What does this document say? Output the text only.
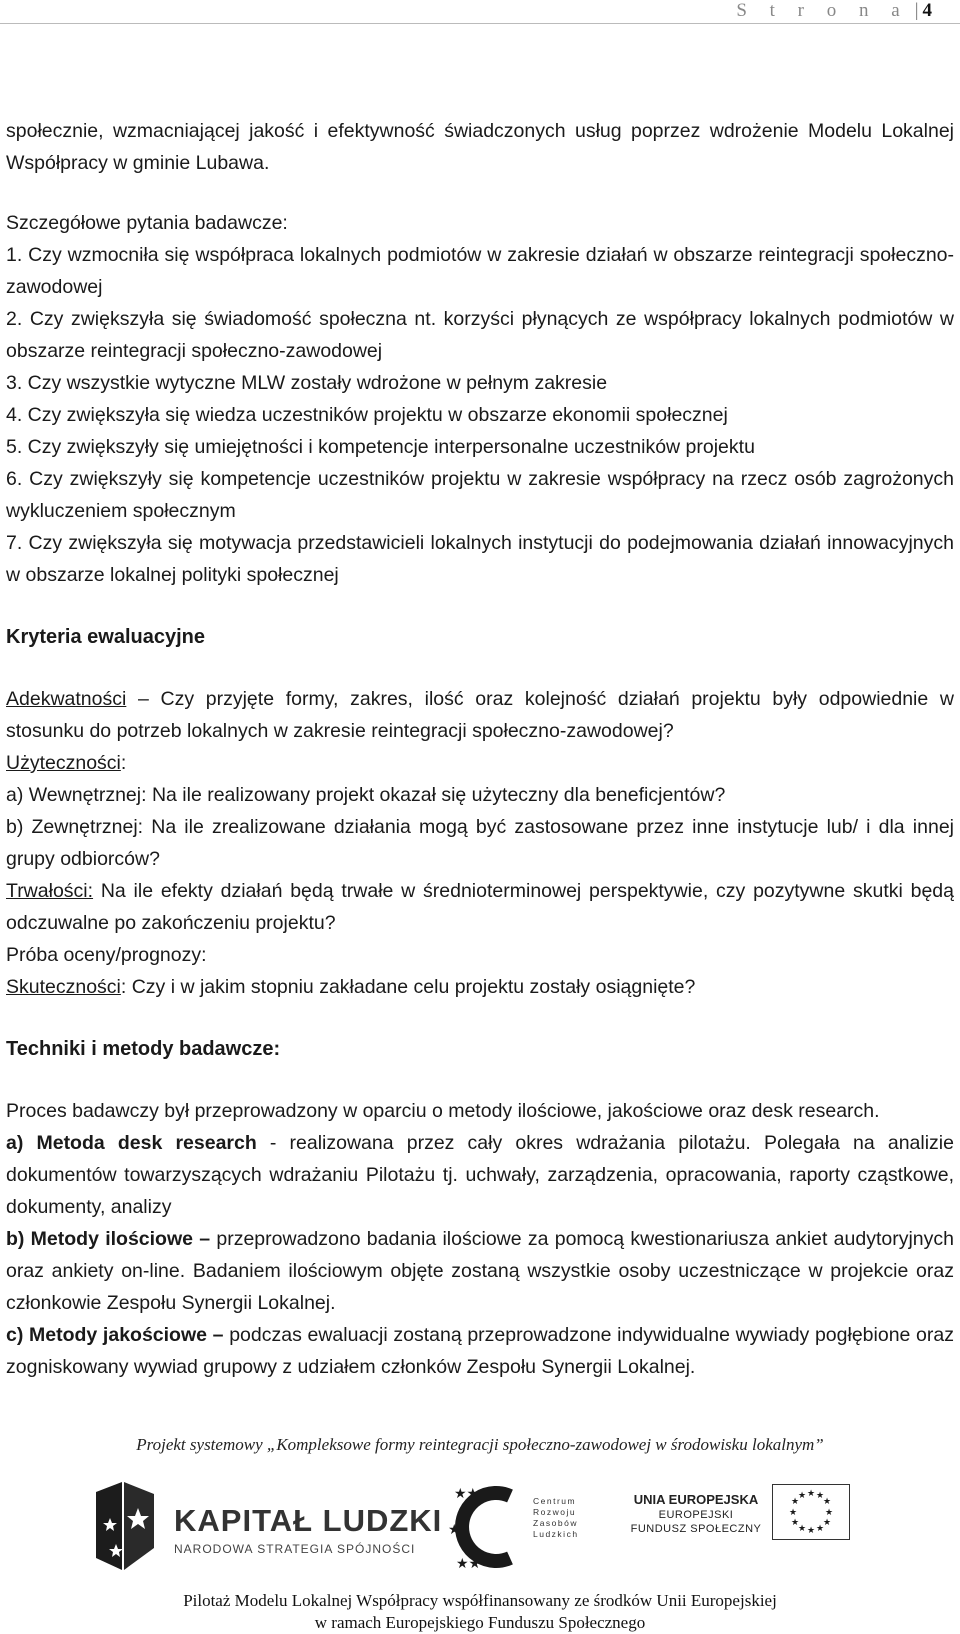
S t r o n a | 4

społecznie, wzmacniającej jakość i efektywność świadczonych usług poprzez wdrożenie Modelu Lokalnej Współpracy w gminie Lubawa.

Szczegółowe pytania badawcze:

1. Czy wzmocniła się współpraca lokalnych podmiotów w zakresie działań w obszarze reintegracji społeczno-zawodowej

2. Czy zwiększyła się świadomość społeczna nt. korzyści płynących ze współpracy lokalnych podmiotów w obszarze reintegracji społeczno-zawodowej

3. Czy wszystkie wytyczne MLW zostały wdrożone w pełnym zakresie

4. Czy zwiększyła się wiedza uczestników projektu w obszarze ekonomii społecznej

5. Czy zwiększyły się umiejętności i kompetencje interpersonalne uczestników projektu

6. Czy zwiększyły się kompetencje uczestników projektu w zakresie współpracy na rzecz osób zagrożonych wykluczeniem społecznym

7. Czy zwiększyła się motywacja przedstawicieli lokalnych instytucji do podejmowania działań innowacyjnych w obszarze lokalnej polityki społecznej

Kryteria ewaluacyjne

Adekwatności – Czy przyjęte formy, zakres, ilość oraz kolejność działań projektu były odpowiednie w stosunku do potrzeb lokalnych w zakresie reintegracji społeczno-zawodowej?

Użyteczności:

a) Wewnętrznej: Na ile realizowany projekt okazał się użyteczny dla beneficjentów?

b) Zewnętrznej: Na ile zrealizowane działania mogą być zastosowane przez inne instytucje lub/ i dla innej grupy odbiorców?

Trwałości: Na ile efekty działań będą trwałe w średnioterminowej perspektywie, czy pozytywne skutki będą odczuwalne po zakończeniu projektu?

Próba oceny/prognozy:

Skuteczności: Czy i w jakim stopniu zakładane celu projektu zostały osiągnięte?

Techniki i metody badawcze:

Proces badawczy był przeprowadzony w oparciu o metody ilościowe, jakościowe oraz desk research.

a) Metoda desk research - realizowana przez cały okres wdrażania pilotażu. Polegała na analizie dokumentów towarzyszących wdrażaniu Pilotażu tj. uchwały, zarządzenia, opracowania, raporty cząstkowe, dokumenty, analizy

b) Metody ilościowe – przeprowadzono badania ilościowe za pomocą kwestionariusza ankiet audytoryjnych oraz ankiety on-line. Badaniem ilościowym objęte zostaną wszystkie osoby uczestniczące w projekcie oraz członkowie Zespołu Synergii Lokalnej.

c) Metody jakościowe – podczas ewaluacji zostaną przeprowadzone indywidualne wywiady pogłębione oraz zogniskowany wywiad grupowy z udziałem członków Zespołu Synergii Lokalnej.

Projekt systemowy „Kompleksowe formy reintegracji społeczno-zawodowej w środowisku lokalnym”
KAPITAŁ LUDZKI
NARODOWA STRATEGIA SPÓJNOŚCI
★★
★
★★
Centrum
Rozwoju
Zasobów
Ludzkich
UNIA EUROPEJSKA
EUROPEJSKI
FUNDUSZ SPOŁECZNY
★ ★
★
★
★
★
★
★
★
★
★
★
Pilotaż Modelu Lokalnej Współpracy współfinansowany ze środków Unii Europejskiej
w ramach Europejskiego Funduszu Społecznego
